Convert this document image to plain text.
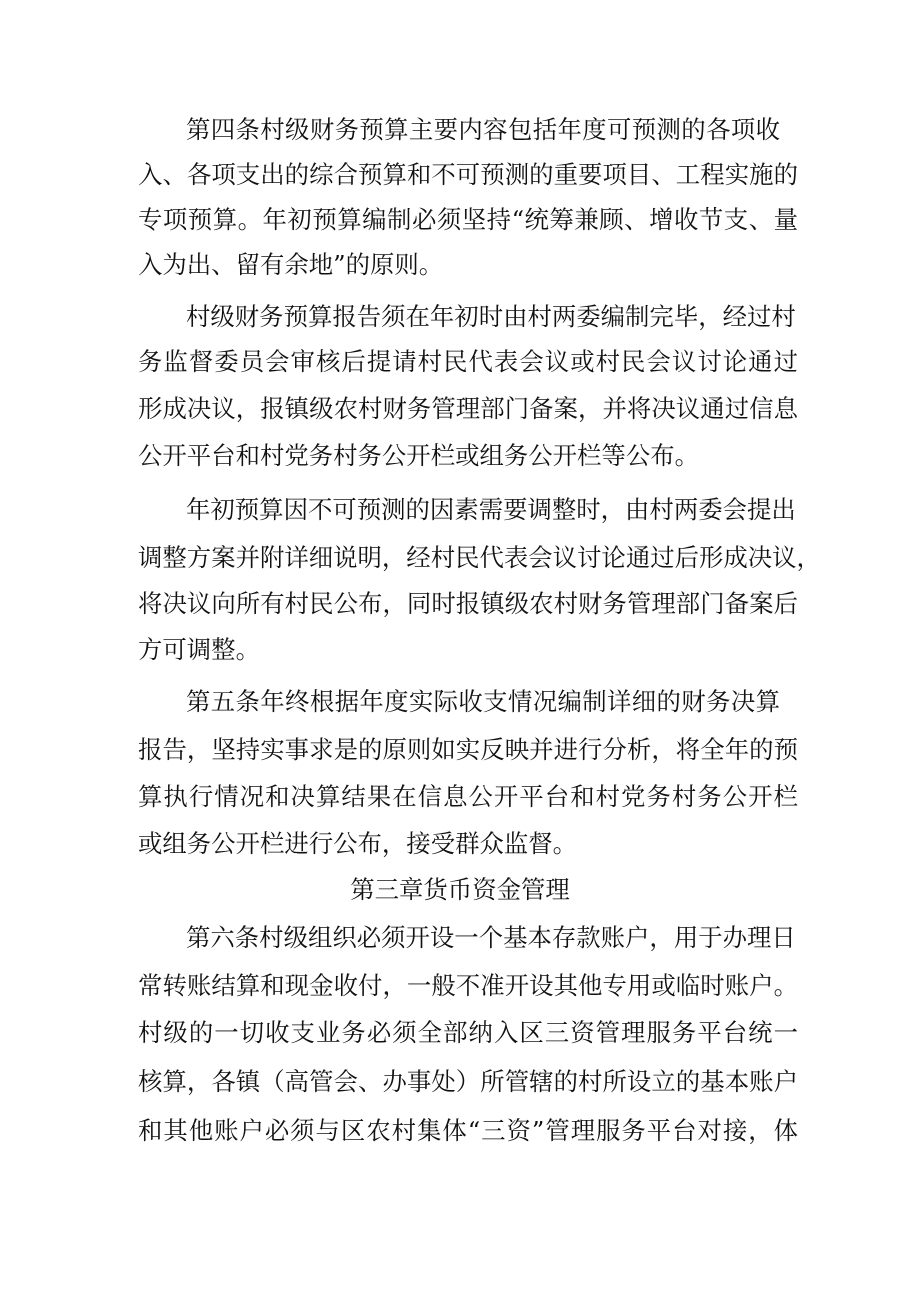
第四条村级财务预算主要内容包括年度可预测的各项收
入、各项支出的综合预算和不可预测的重要项目、工程实施的
专项预算。年初预算编制必须坚持“统筹兼顾、增收节支、量
入为出、留有余地”的原则。
村级财务预算报告须在年初时由村两委编制完毕，经过村
务监督委员会审核后提请村民代表会议或村民会议讨论通过
形成决议，报镇级农村财务管理部门备案，并将决议通过信息
公开平台和村党务村务公开栏或组务公开栏等公布。
年初预算因不可预测的因素需要调整时，由村两委会提出
调整方案并附详细说明，经村民代表会议讨论通过后形成决议，
将决议向所有村民公布，同时报镇级农村财务管理部门备案后
方可调整。
第五条年终根据年度实际收支情况编制详细的财务决算
报告，坚持实事求是的原则如实反映并进行分析，将全年的预
算执行情况和决算结果在信息公开平台和村党务村务公开栏
或组务公开栏进行公布，接受群众监督。
第三章货币资金管理
第六条村级组织必须开设一个基本存款账户，用于办理日
常转账结算和现金收付，一般不准开设其他专用或临时账户。
村级的一切收支业务必须全部纳入区三资管理服务平台统一
核算，各镇（高管会、办事处）所管辖的村所设立的基本账户
和其他账户必须与区农村集体“三资”管理服务平台对接，体
